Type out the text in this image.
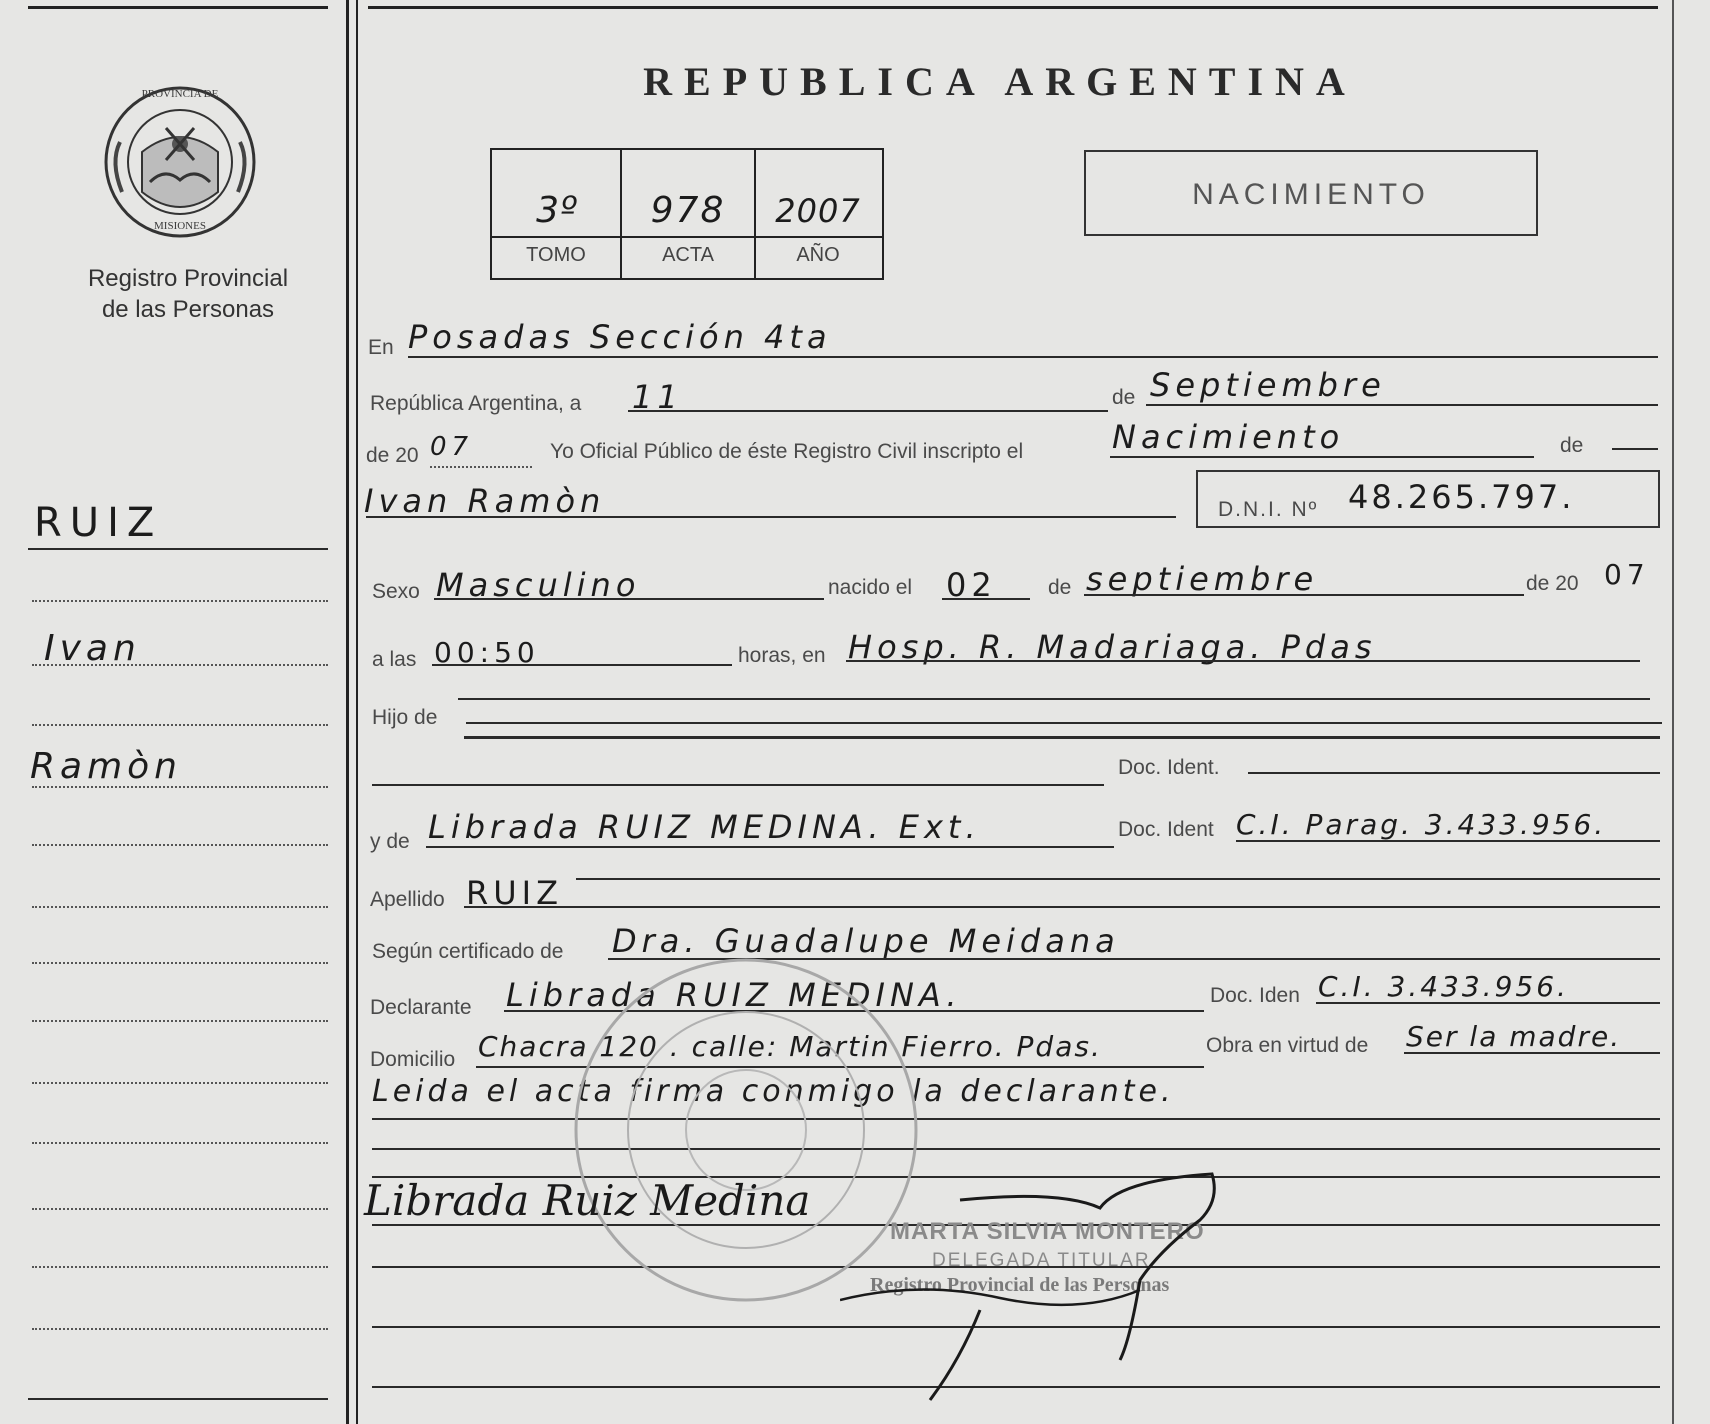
PROVINCIA DE
MISIONES
Registro Provincial
de las Personas
REPUBLICA ARGENTINA
3º	978	2007
TOMO	ACTA	AÑO
NACIMIENTO
RUIZ
Ivan
Ramòn
En Posadas Sección 4ta
República Argentina, a 11	de Septiembre
de 20 07	Yo Oficial Público de éste Registro Civil inscripto el	Nacimiento	de
Ivan Ramòn	D.N.I. Nº 48.265.797.
Sexo Masculino	nacido el 02 de septiembre	de 20 07
a las 00:50	horas, en Hosp. R. Madariaga. Pdas
Hijo de
Doc. Ident.
y de Librada RUIZ MEDINA. Ext.	Doc. Ident C.I. Parag. 3.433.956.
Apellido RUIZ
Según certificado de Dra. Guadalupe Meidana
Declarante Librada RUIZ MEDINA.	Doc. Iden C.I. 3.433.956.
Domicilio Chacra 120 . calle: Martin Fierro. Pdas.	Obra en virtud de Ser la madre.
Leida el acta firma conmigo la declarante.
Librada Ruiz Medina
MARTA SILVIA MONTERO
DELEGADA TITULAR
Registro Provincial de las Personas
